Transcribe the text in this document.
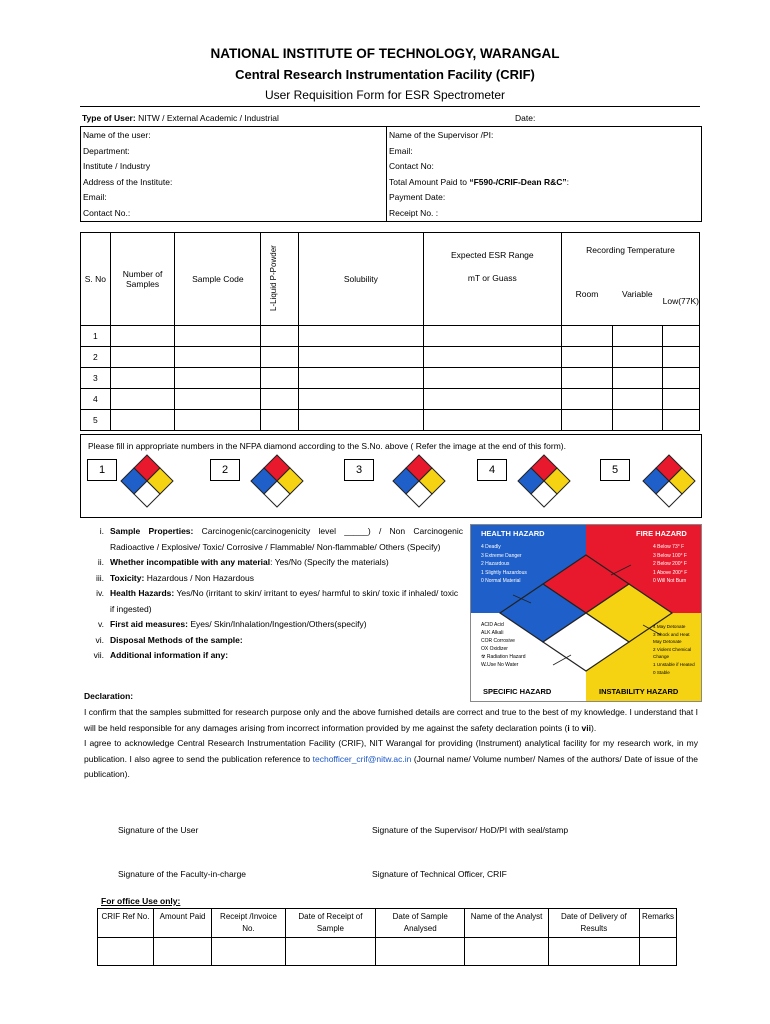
NATIONAL INSTITUTE OF TECHNOLOGY, WARANGAL
Central Research Instrumentation Facility (CRIF)
User Requisition Form for ESR Spectrometer
Type of User: NITW / External Academic / Industrial	Date:
Name of the user:
Department:
Institute / Industry
Address of the Institute:
Email:
Contact No.:
Name of the Supervisor /PI:
Email:
Contact No:
Total Amount Paid to “F590-/CRIF-Dean R&C”:
Payment Date:
Receipt No. :
S. No	Number of Samples	Sample Code	L-Liquid P-Powder	Solubility	Expected ESR Range	Recording Temperature		
					mT or Guass	Room	Variable	Low(77K)
1								
2								
3								
4								
5								
Please fill in appropriate numbers in the NFPA diamond according to the S.No. above ( Refer the image at the end of this form).
1	2	3	4	5
i. Sample Properties: Carcinogenic(carcinogenicity level _____) / Non Carcinogenic Radioactive / Explosive/ Toxic/ Corrosive / Flammable/ Non-flammable/ Others (Specify)
ii. Whether incompatible with any material: Yes/No (Specify the materials)
iii. Toxicity: Hazardous / Non Hazardous
iv. Health Hazards: Yes/No (irritant to skin/ irritant to eyes/ harmful to skin/ toxic if inhaled/ toxic if ingested)
v. First aid measures: Eyes/ Skin/Inhalation/Ingestion/Others(specify)
vi. Disposal Methods of the sample:
vii. Additional information if any:
HEALTH HAZARD	FIRE HAZARD
4 Deadly
3 Extreme Danger
2 Hazardous
1 Slightly Hazardous
0 Normal Material
4 Below 73° F
3 Below 100° F
2 Below 200° F
1 Above 200° F
0 Will Not Burn
ACID Acid
ALK Alkali
COR Corrosive
OX Oxidizer
☢ Radiation Hazard
W̶ Use No Water
4 May Detonate
3 Shock and Heat May Detonate
2 Violent Chemical Change
1 Unstable if Heated
0 Stable
SPECIFIC HAZARD	INSTABILITY HAZARD
Declaration:
I confirm that the samples submitted for research purpose only and the above furnished details are correct and true to the best of my knowledge. I understand that I will be held responsible for any damages arising from incorrect information provided by me against the safety declaration points (i to vii).
I agree to acknowledge Central Research Instrumentation Facility (CRIF), NIT Warangal for providing (Instrument) analytical facility for my research work, in my publication. I also agree to send the publication reference to techofficer_crif@nitw.ac.in (Journal name/ Volume number/ Names of the authors/ Date of issue of the publication).
Signature of the User	Signature of the Supervisor/ HoD/PI with seal/stamp
Signature of the Faculty-in-charge	Signature of Technical Officer, CRIF
For office Use only:
CRIF Ref No.	Amount Paid	Receipt /Invoice No.	Date of Receipt of Sample	Date of Sample Analysed	Name of the Analyst	Date of Delivery of Results	Remarks
